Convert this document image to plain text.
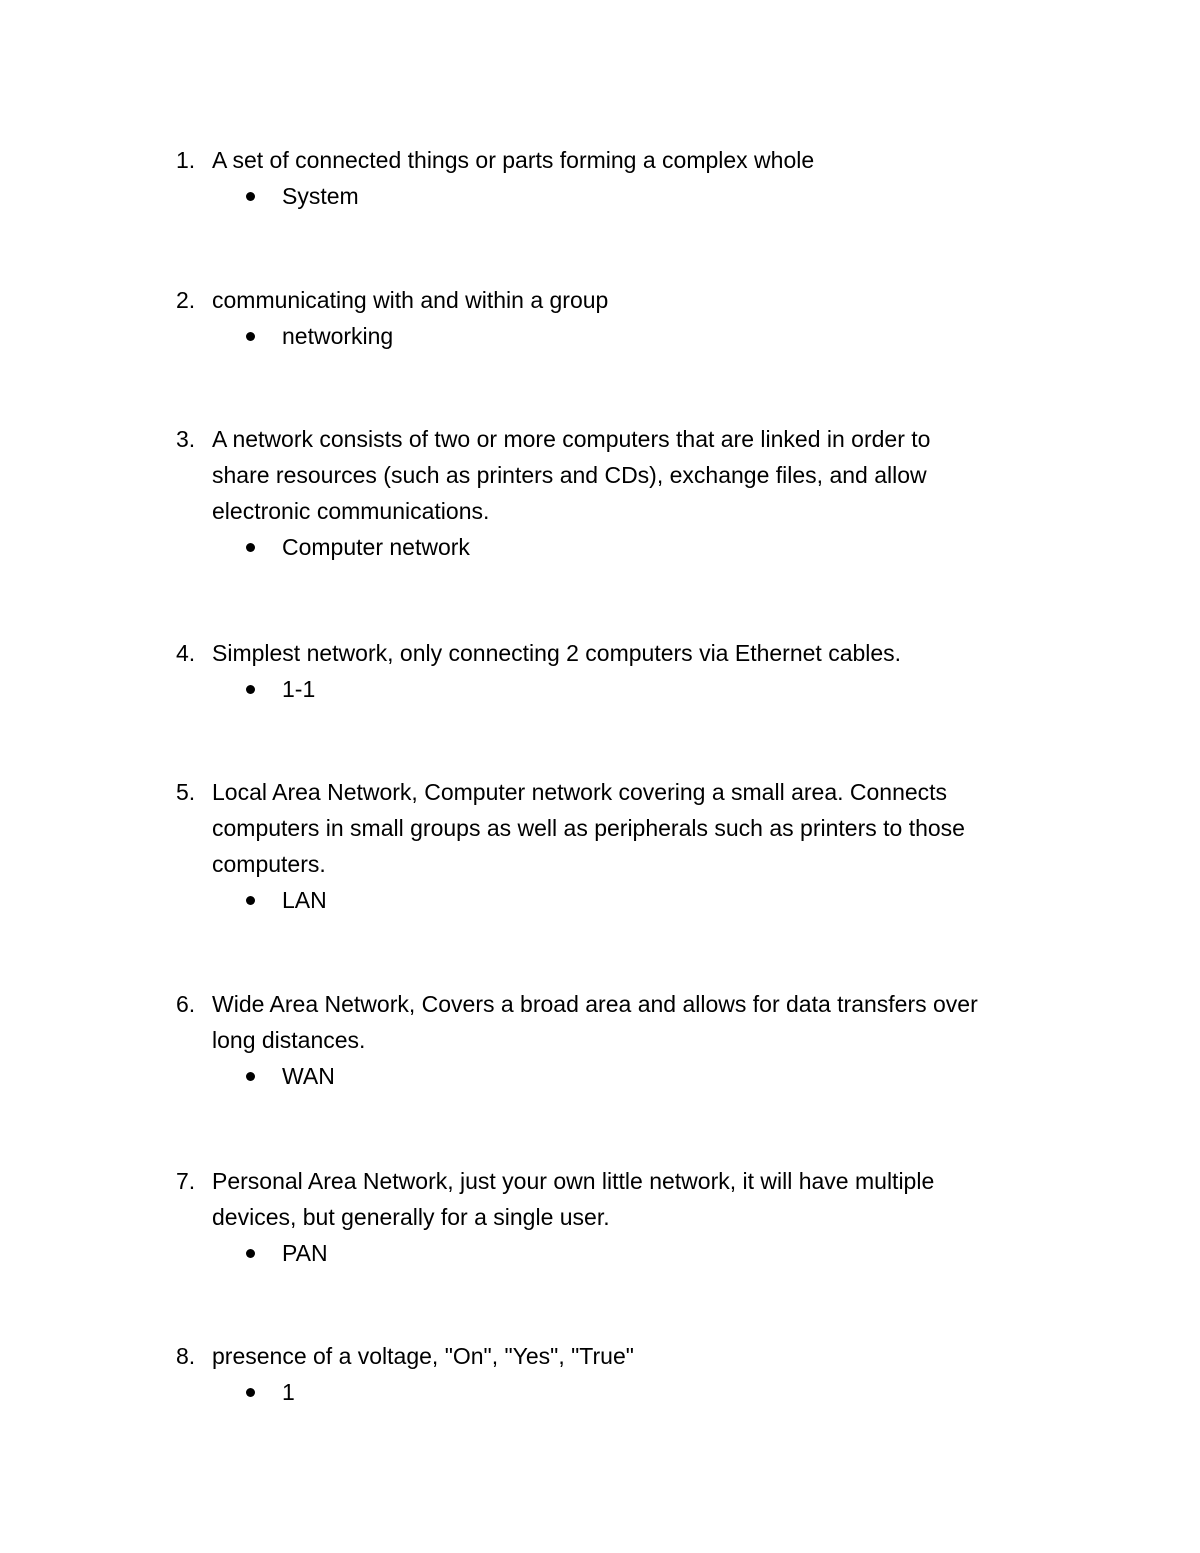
1. A set of connected things or parts forming a complex whole
System
2. communicating with and within a group
networking
3. A network consists of two or more computers that are linked in order to
share resources (such as printers and CDs), exchange files, and allow
electronic communications.
Computer network
4. Simplest network, only connecting 2 computers via Ethernet cables.
1-1
5. Local Area Network, Computer network covering a small area. Connects
computers in small groups as well as peripherals such as printers to those
computers.
LAN
6. Wide Area Network, Covers a broad area and allows for data transfers over
long distances.
WAN
7. Personal Area Network, just your own little network, it will have multiple
devices, but generally for a single user.
PAN
8. presence of a voltage, "On", "Yes", "True"
1
